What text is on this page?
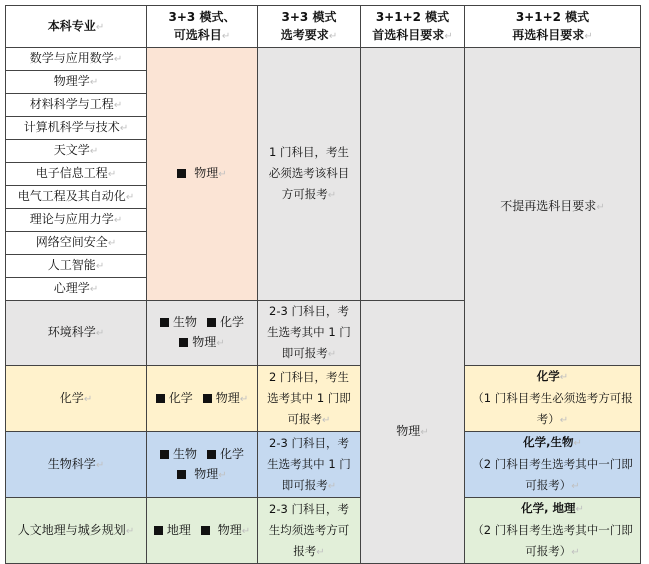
本科专业↵	3+3 模式、
可选科目↵	3+3 模式
选考要求↵	3+1+2 模式
首选科目要求↵	3+1+2 模式
再选科目要求↵

数学与应用数学↵	物理↵	1 门科目，考生
必须选考该科目
方可报考↵		不提再选科目要求↵
物理学↵				
材料科学与工程↵				
计算机科学与技术↵				
天文学↵				
电子信息工程↵				
电气工程及其自动化↵				
理论与应用力学↵				
网络空间安全↵				
人工智能↵				
心理学↵				
环境科学↵	生物 化学
物理↵	2-3 门科目，考
生选考其中 1 门
即可报考↵	物理↵	
化学↵	化学 物理↵	2 门科目，考生
选考其中 1 门即
可报考↵		化学↵
（1 门科目考生必须选考方可报
考）↵

生物科学↵	生物 化学
物理↵	2-3 门科目，考
生选考其中 1 门
即可报考↵		化学,生物↵
（2 门科目考生选考其中一门即
可报考）↵

人文地理与城乡规划↵	地理 物理↵	2-3 门科目，考
生均须选考方可
报考↵		化学, 地理↵
（2 门科目考生选考其中一门即
可报考）↵
